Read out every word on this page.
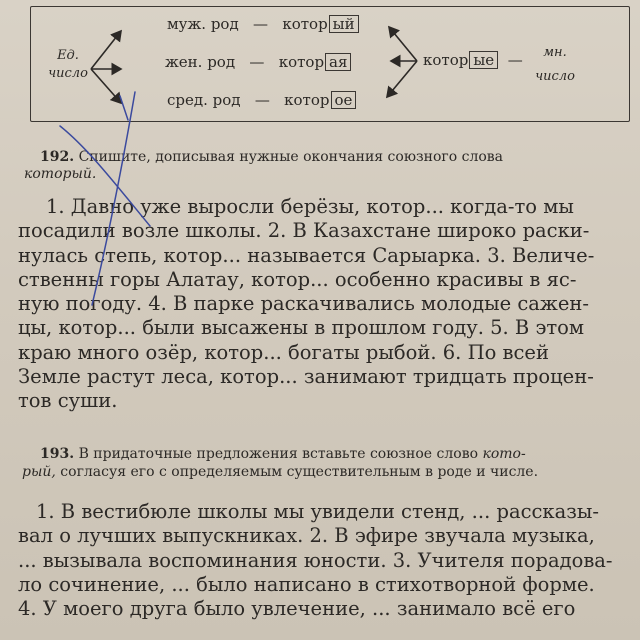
Ед. число
муж. род — котор ый
жен. род — котор ая
сред. род — котор ое
котор ые —	мн. число
192. Спишите, дописывая нужные окончания союзного слова
который.
1. Давно уже выросли берёзы, котор... когда-то мы
посадили возле школы. 2. В Казахстане широко раски-
нулась степь, котор... называется Сарыарка. 3. Величе-
ственны горы Алатау, котор... особенно красивы в яс-
ную погоду. 4. В парке раскачивались молодые сажен-
цы, котор... были высажены в прошлом году. 5. В этом
краю много озёр, котор... богаты рыбой. 6. По всей
Земле растут леса, котор... занимают тридцать процен-
тов суши.
193. В придаточные предложения вставьте союзное слово кото-
рый, согласуя его с определяемым существительным в роде и числе.
1. В вестибюле школы мы увидели стенд, ... рассказы-
вал о лучших выпускниках. 2. В эфире звучала музыка,
... вызывала воспоминания юности. 3. Учителя порадова-
ло сочинение, ... было написано в стихотворной форме.
4. У моего друга было увлечение, ... занимало всё его
